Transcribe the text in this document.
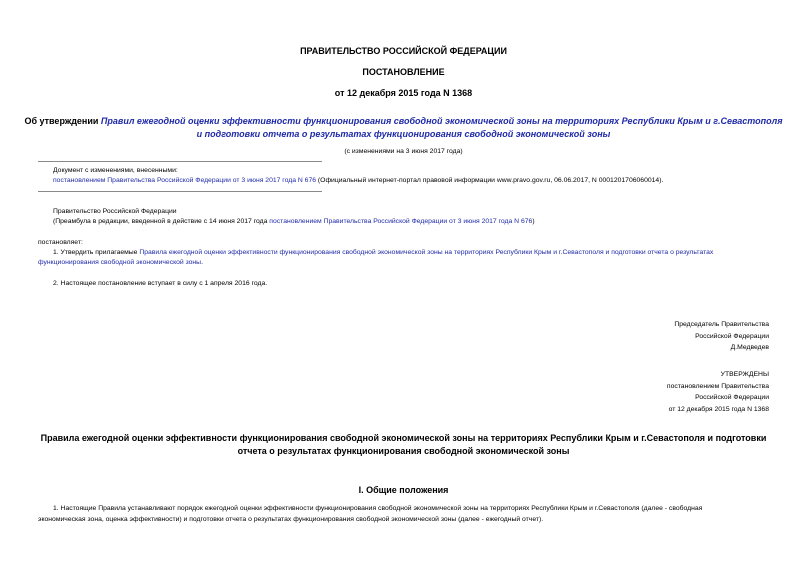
ПРАВИТЕЛЬСТВО РОССИЙСКОЙ ФЕДЕРАЦИИ
ПОСТАНОВЛЕНИЕ
от 12 декабря 2015 года N 1368
Об утверждении Правил ежегодной оценки эффективности функционирования свободной экономической зоны на территориях Республики Крым и г.Севастополя
и подготовки отчета о результатах функционирования свободной экономической зоны
(с изменениями на 3 июня 2017 года)
Документ с изменениями, внесенными:
постановлением Правительства Российской Федерации от 3 июня 2017 года N 676 (Официальный интернет-портал правовой информации www.pravo.gov.ru, 06.06.2017, N 0001201706060014).
Правительство Российской Федерации
(Преамбула в редакции, введенной в действие с 14 июня 2017 года постановлением Правительства Российской Федерации от 3 июня 2017 года N 676)
постановляет:
1. Утвердить прилагаемые Правила ежегодной оценки эффективности функционирования свободной экономической зоны на территориях Республики Крым и г.Севастополя и подготовки отчета о результатах
функционирования свободной экономической зоны.
2. Настоящее постановление вступает в силу с 1 апреля 2016 года.
Председатель Правительства
Российской Федерации
Д.Медведев
УТВЕРЖДЕНЫ
постановлением Правительства
Российской Федерации
от 12 декабря 2015 года N 1368
Правила ежегодной оценки эффективности функционирования свободной экономической зоны на территориях Республики Крым и г.Севастополя и подготовки
отчета о результатах функционирования свободной экономической зоны
I. Общие положения
1. Настоящие Правила устанавливают порядок ежегодной оценки эффективности функционирования свободной экономической зоны на территориях Республики Крым и г.Севастополя (далее - свободная
экономическая зона, оценка эффективности) и подготовки отчета о результатах функционирования свободной экономической зоны (далее - ежегодный отчет).
